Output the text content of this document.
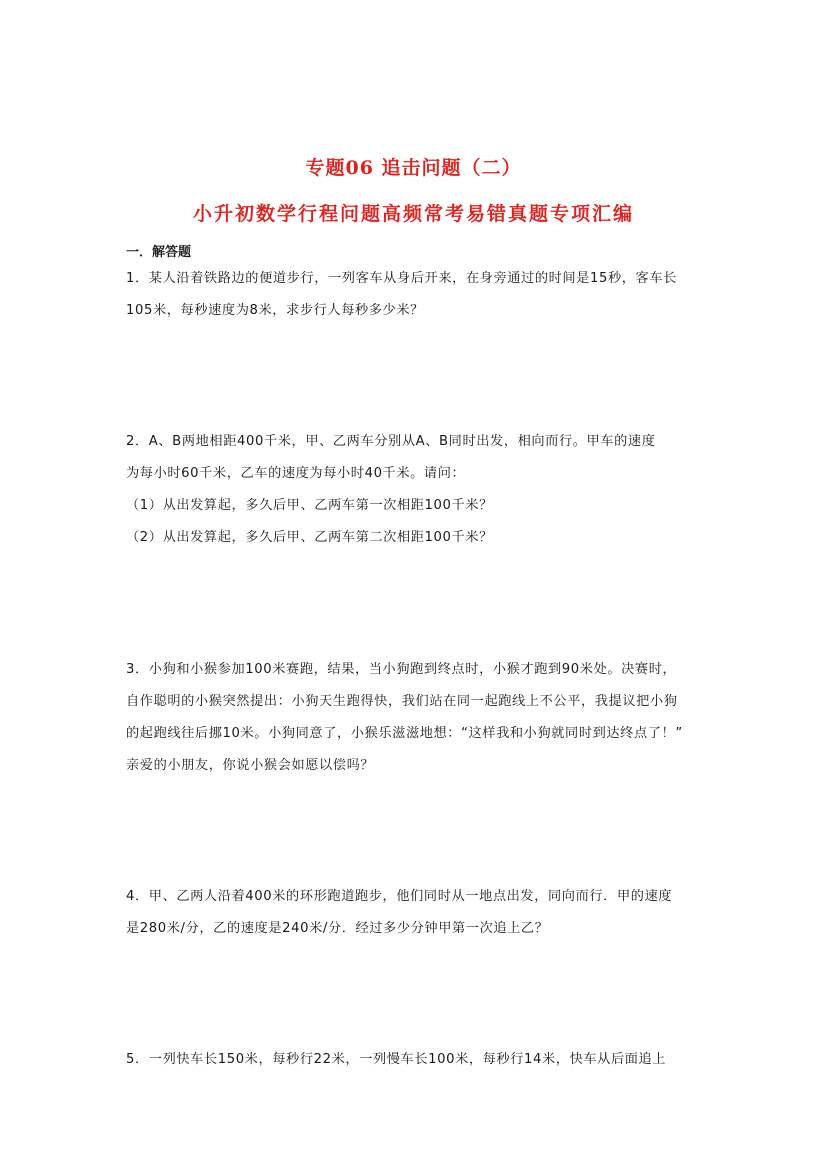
专题06 追击问题（二）
小升初数学行程问题高频常考易错真题专项汇编
一．解答题
1．某人沿着铁路边的便道步行，一列客车从身后开来，在身旁通过的时间是15秒，客车长
105米，每秒速度为8米，求步行人每秒多少米？
2．A、B两地相距400千米，甲、乙两车分别从A、B同时出发，相向而行。甲车的速度
为每小时60千米，乙车的速度为每小时40千米。请问：
（1）从出发算起，多久后甲、乙两车第一次相距100千米？
（2）从出发算起，多久后甲、乙两车第二次相距100千米？
3．小狗和小猴参加100米赛跑，结果，当小狗跑到终点时，小猴才跑到90米处。决赛时，
自作聪明的小猴突然提出：小狗天生跑得快，我们站在同一起跑线上不公平，我提议把小狗
的起跑线往后挪10米。小狗同意了，小猴乐滋滋地想：“这样我和小狗就同时到达终点了！”
亲爱的小朋友，你说小猴会如愿以偿吗？
4．甲、乙两人沿着400米的环形跑道跑步，他们同时从一地点出发，同向而行．甲的速度
是280米/分，乙的速度是240米/分．经过多少分钟甲第一次追上乙？
5．一列快车长150米，每秒行22米，一列慢车长100米，每秒行14米，快车从后面追上
